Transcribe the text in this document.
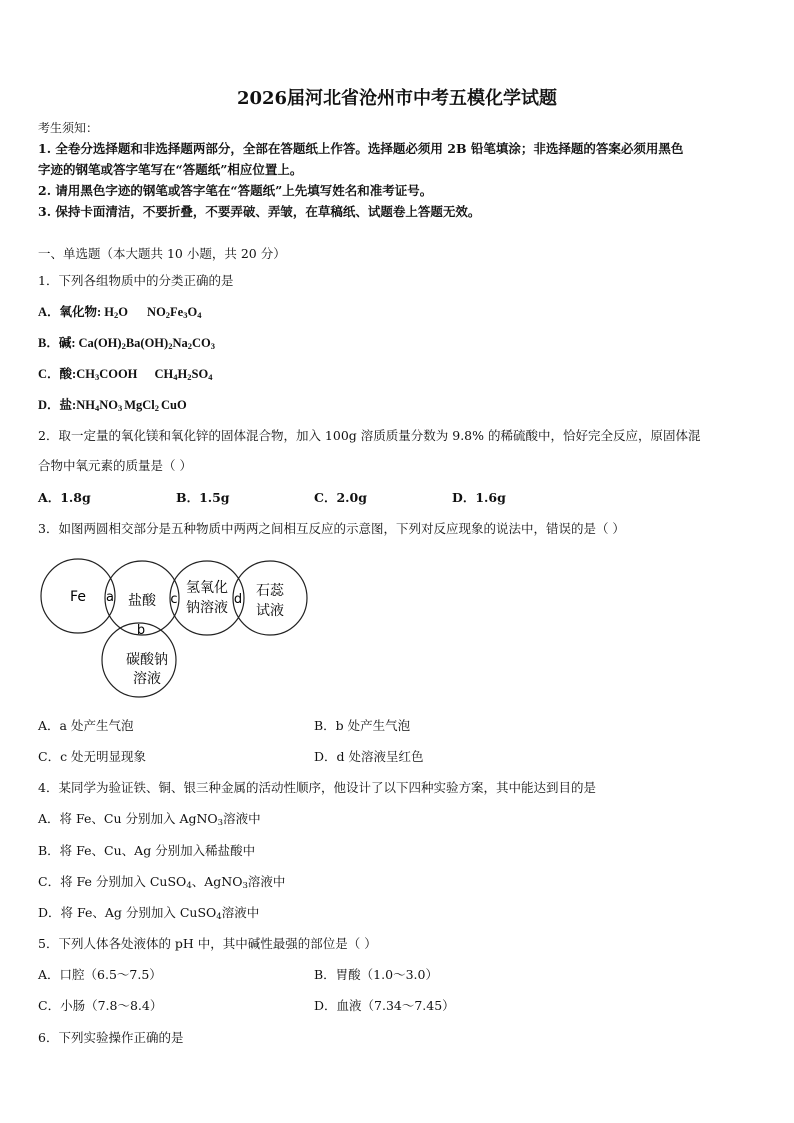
2026届河北省沧州市中考五模化学试题
考生须知：
1. 全卷分选择题和非选择题两部分，全部在答题纸上作答。选择题必须用 2B 铅笔填涂；非选择题的答案必须用黑色
字迹的钢笔或答字笔写在“答题纸”相应位置上。
2. 请用黑色字迹的钢笔或答字笔在“答题纸”上先填写姓名和准考证号。
3. 保持卡面清洁，不要折叠，不要弄破、弄皱，在草稿纸、试题卷上答题无效。
一、单选题（本大题共 10 小题，共 20 分）
1．下列各组物质中的分类正确的是
A．氧化物: $H_2O$ $NO_2Fe_3O_4$
B．碱: $Ca(OH)_2Ba(OH)_2Na_2CO_3$
C．酸$:CH_3COOH$ $CH_4H_2SO_4$
D．盐$:NH_4NO_3$ MgCl$_2$ CuO
2．取一定量的氧化镁和氧化锌的固体混合物，加入 100g 溶质质量分数为 9.8% 的稀硫酸中，恰好完全反应，原固体混
合物中氧元素的质量是（ ）
A．1.8g	B．1.5g	C．2.0g	D．1.6g
3．如图两圆相交部分是五种物质中两两之间相互反应的示意图，下列对反应现象的说法中，错误的是（ ）
Fe	盐酸
氢氧化
钠溶液
石蕊
试液
碳酸钠
溶液
a
b
c	d
A．a 处产生气泡	B．b 处产生气泡
C．c 处无明显现象	D．d 处溶液呈红色
4．某同学为验证铁、铜、银三种金属的活动性顺序，他设计了以下四种实验方案，其中能达到目的是
A．将 Fe、Cu 分别加入 AgNO$_3$溶液中
B．将 Fe、Cu、Ag 分别加入稀盐酸中
C．将 Fe 分别加入 CuSO$_4$、AgNO$_3$溶液中
D．将 Fe、Ag 分别加入 CuSO$_4$溶液中
5．下列人体各处液体的 pH 中，其中碱性最强的部位是（ ）
A．口腔（6.5～7.5）	B．胃酸（1.0～3.0）
C．小肠（7.8～8.4）	D．血液（7.34～7.45）
6．下列实验操作正确的是
